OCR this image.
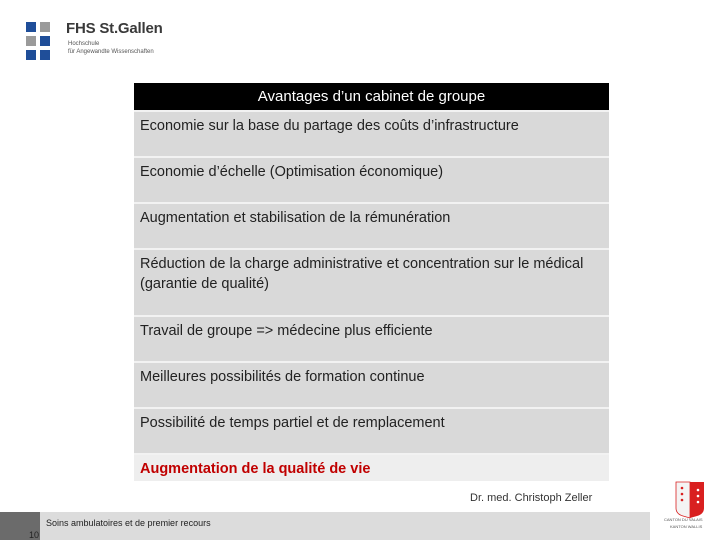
FHS St.Gallen
Hochschule
für Angewandte Wissenschaften
Avantages d’un cabinet de groupe
Economie sur la base du partage des coûts d’infrastructure
Economie d’échelle (Optimisation économique)
Augmentation et stabilisation de la rémunération
Réduction de la charge administrative et concentration sur le médical (garantie de qualité)
Travail de groupe => médecine plus efficiente
Meilleures possibilités de formation continue
Possibilité de temps partiel et de remplacement
Augmentation de la qualité de vie
Dr. med. Christoph Zeller
Soins ambulatoires et de premier recours
10
CANTON DU VALAIS
KANTON WALLIS
